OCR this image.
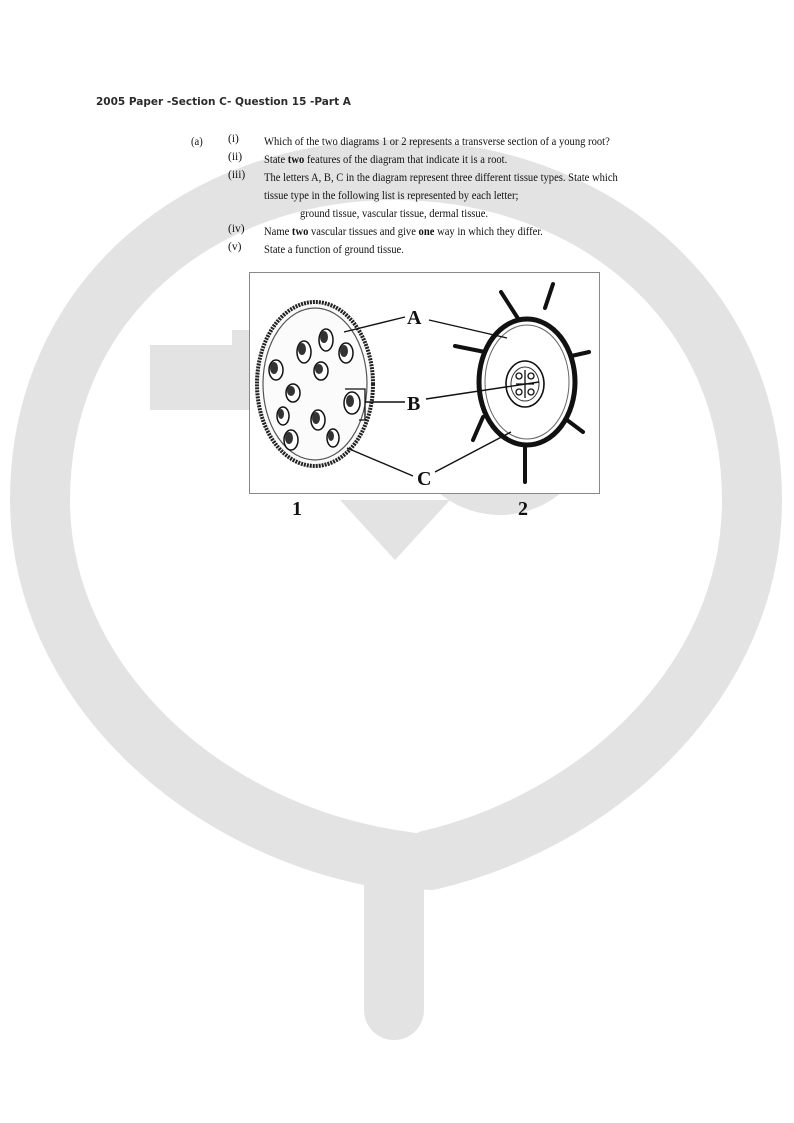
2005 Paper -Section C- Question 15 -Part A
(a) (i)
(ii)
(iii)
(iv)
(v)
Which of the two diagrams 1 or 2 represents a transverse section of a young root?
State two features of the diagram that indicate it is a root.
The letters A, B, C in the diagram represent three different tissue types. State which
tissue type in the following list is represented by each letter;
ground tissue, vascular tissue, dermal tissue.
Name two vascular tissues and give one way in which they differ.
State a function of ground tissue.
A
B
C
1	2
